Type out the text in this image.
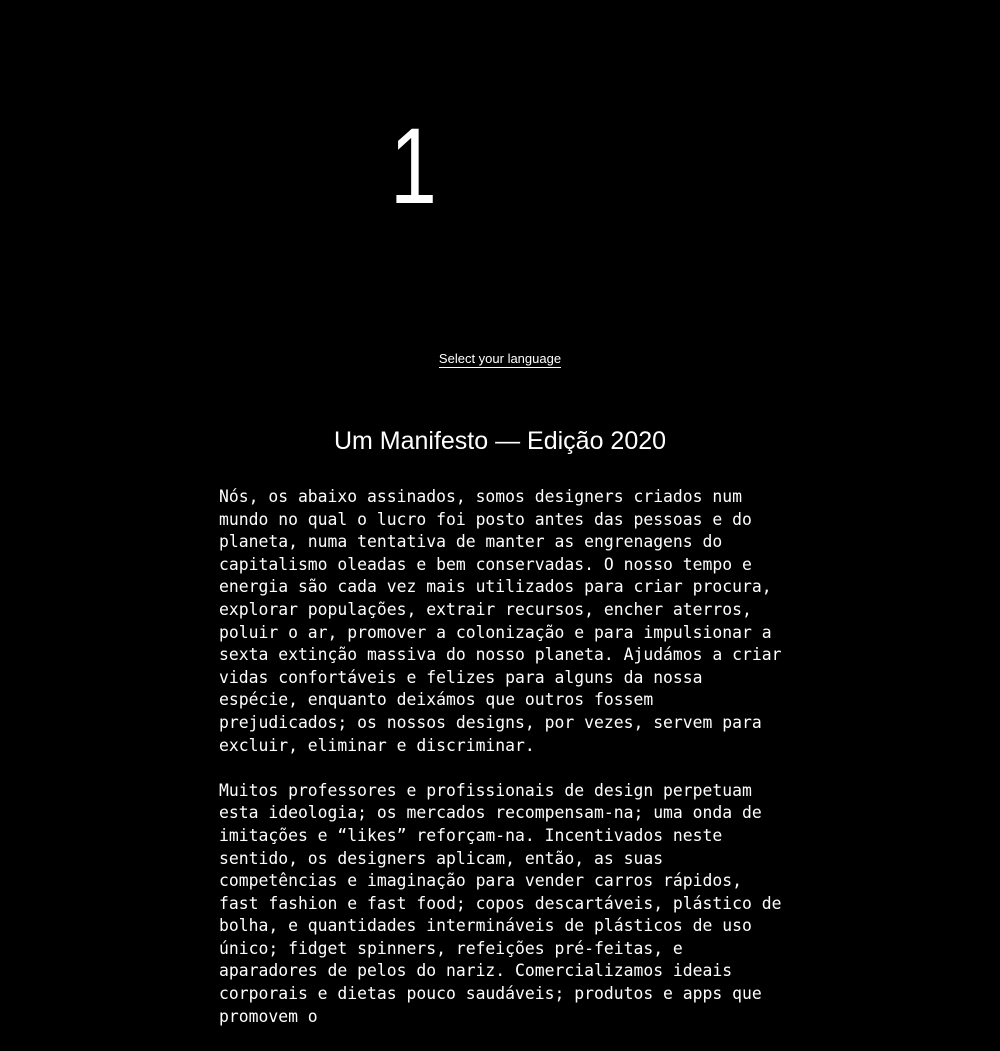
1
Select your language
Um Manifesto — Edição 2020

Nós, os abaixo assinados, somos designers criados num mundo no qual o lucro foi posto antes das pessoas e do planeta, numa tentativa de manter as engrenagens do capitalismo oleadas e bem conservadas. O nosso tempo e energia são cada vez mais utilizados para criar procura, explorar populações, extrair recursos, encher aterros, poluir o ar, promover a colonização e para impulsionar a sexta extinção massiva do nosso planeta. Ajudámos a criar vidas confortáveis e felizes para alguns da nossa espécie, enquanto deixámos que outros fossem prejudicados; os nossos designs, por vezes, servem para excluir, eliminar e discriminar.

Muitos professores e profissionais de design perpetuam esta ideologia; os mercados recompensam-na; uma onda de imitações e “likes” reforçam-na. Incentivados neste sentido, os designers aplicam, então, as suas competências e imaginação para vender carros rápidos, fast fashion e fast food; copos descartáveis, plástico de bolha, e quantidades intermináveis de plásticos de uso único; fidget spinners, refeições pré-feitas, e aparadores de pelos do nariz. Comercializamos ideais corporais e dietas pouco saudáveis; produtos e apps que promovem o
